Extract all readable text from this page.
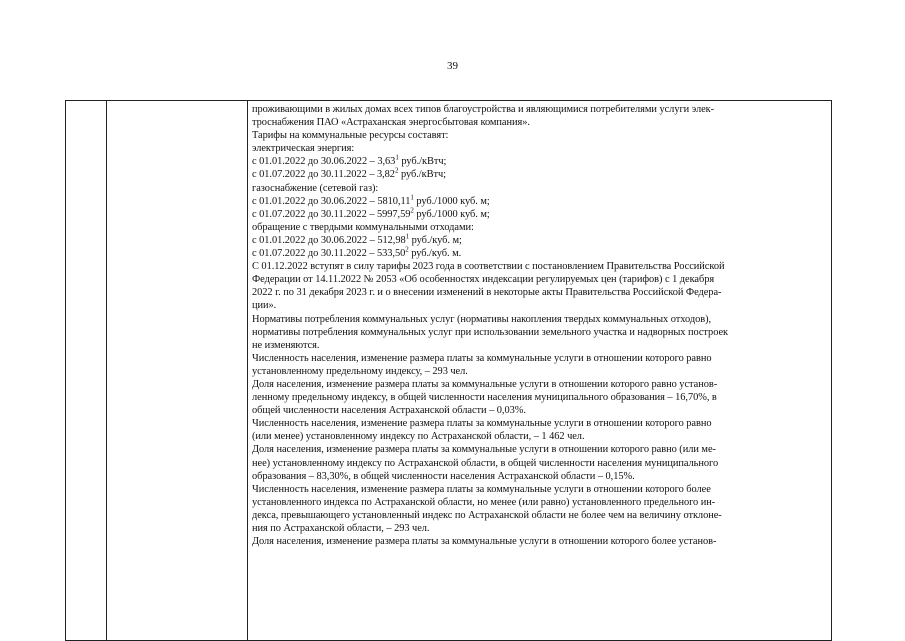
39

проживающими в жилых домах всех типов благоустройства и являющимися потребителями услуги элек-

троснабжения ПАО «Астраханская энергосбытовая компания».

Тарифы на коммунальные ресурсы составят:

электрическая энергия:

с 01.01.2022 до 30.06.2022 – 3,63$^1$ руб./кВтч;

с 01.07.2022 до 30.11.2022 – 3,82$^2$ руб./кВтч;

газоснабжение (сетевой газ):

с 01.01.2022 до 30.06.2022 – 5810,11$^1$ руб./1000 куб. м;

с 01.07.2022 до 30.11.2022 – 5997,59$^2$ руб./1000 куб. м;

обращение с твердыми коммунальными отходами:

с 01.01.2022 до 30.06.2022 – 512,98$^1$ руб./куб. м;

с 01.07.2022 до 30.11.2022 – 533,50$^2$ руб./куб. м.

С 01.12.2022 вступят в силу тарифы 2023 года в соответствии с постановлением Правительства Российской

Федерации от 14.11.2022 № 2053 «Об особенностях индексации регулируемых цен (тарифов) с 1 декабря

2022 г. по 31 декабря 2023 г. и о внесении изменений в некоторые акты Правительства Российской Федера-

ции».

Нормативы потребления коммунальных услуг (нормативы накопления твердых коммунальных отходов),

нормативы потребления коммунальных услуг при использовании земельного участка и надворных построек

не изменяются.

Численность населения, изменение размера платы за коммунальные услуги в отношении которого равно

установленному предельному индексу, – 293 чел.

Доля населения, изменение размера платы за коммунальные услуги в отношении которого равно установ-

ленному предельному индексу, в общей численности населения муниципального образования – 16,70%, в

общей численности населения Астраханской области – 0,03%.

Численность населения, изменение размера платы за коммунальные услуги в отношении которого равно

(или менее) установленному индексу по Астраханской области, – 1 462 чел.

Доля населения, изменение размера платы за коммунальные услуги в отношении которого равно (или ме-

нее) установленному индексу по Астраханской области, в общей численности населения муниципального

образования – 83,30%, в общей численности населения Астраханской области – 0,15%.

Численность населения, изменение размера платы за коммунальные услуги в отношении которого более

установленного индекса по Астраханской области, но менее (или равно) установленного предельного ин-

декса, превышающего установленный индекс по Астраханской области не более чем на величину отклоне-

ния по Астраханской области, – 293 чел.

Доля населения, изменение размера платы за коммунальные услуги в отношении которого более установ-
